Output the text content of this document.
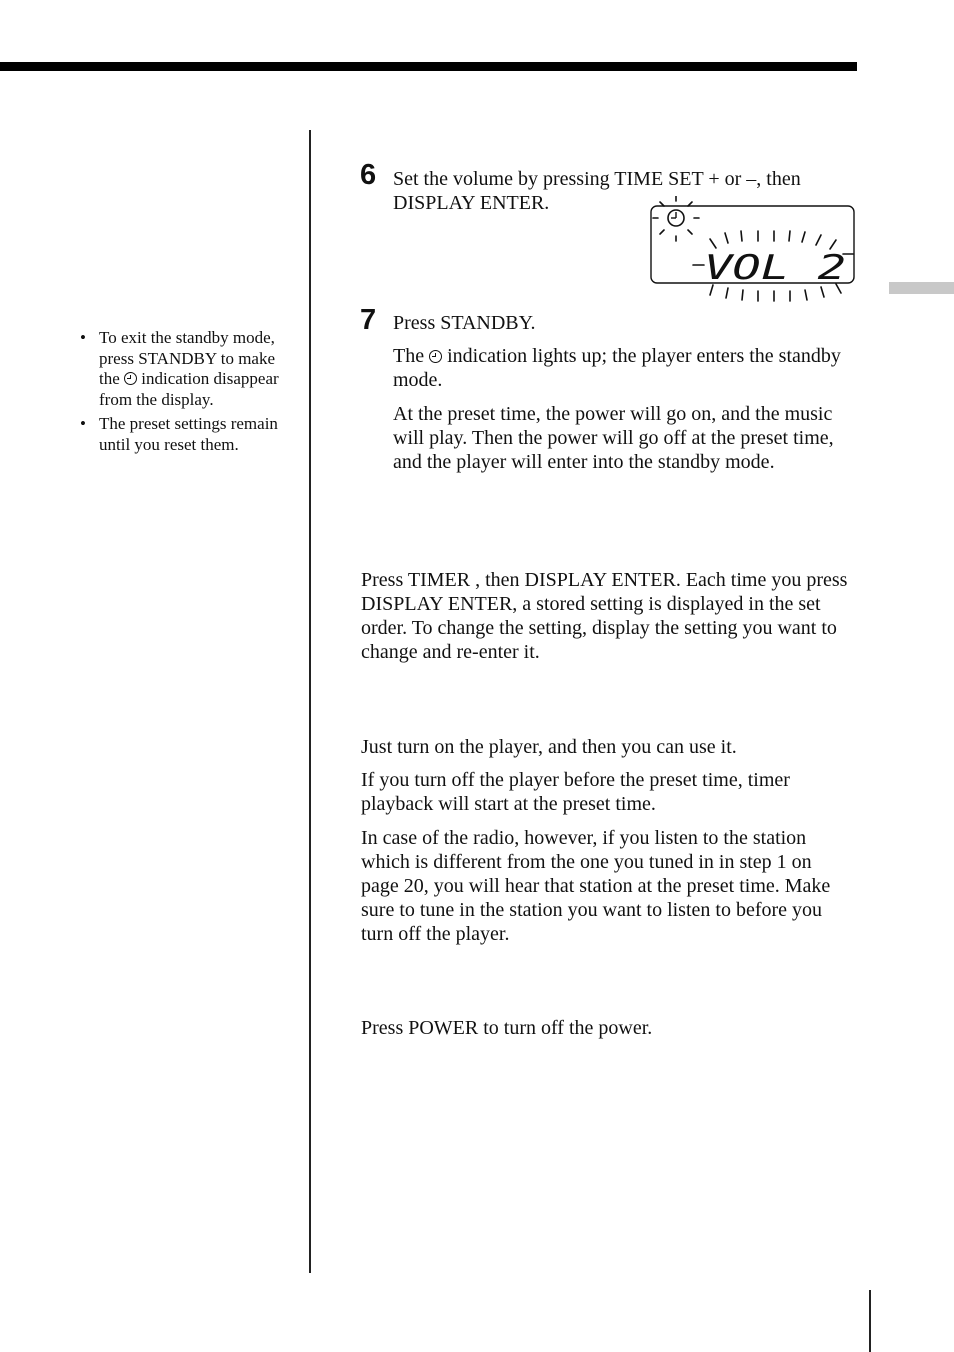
• To exit the standby mode, press STANDBY to make the  indication disappear from the display.
• The preset settings remain until you reset them.
6 Set the volume by pressing TIME SET + or –, then DISPLAY ENTER.

VOL 2
7 Press STANDBY.

The  indication lights up; the player enters the standby mode.

At the preset time, the power will go on, and the music will play. Then the power will go off at the preset time, and the player will enter into the standby mode.

Press TIMER , then DISPLAY ENTER. Each time you press DISPLAY ENTER, a stored setting is displayed in the set order. To change the setting, display the setting you want to change and re-enter it.

Just turn on the player, and then you can use it.

If you turn off the player before the preset time, timer playback will start at the preset time.

In case of the radio, however, if you listen to the station which is different from the one you tuned in in step 1 on page 20, you will hear that station at the preset time. Make sure to tune in the station you want to listen to before you turn off the player.

Press POWER to turn off the power.
